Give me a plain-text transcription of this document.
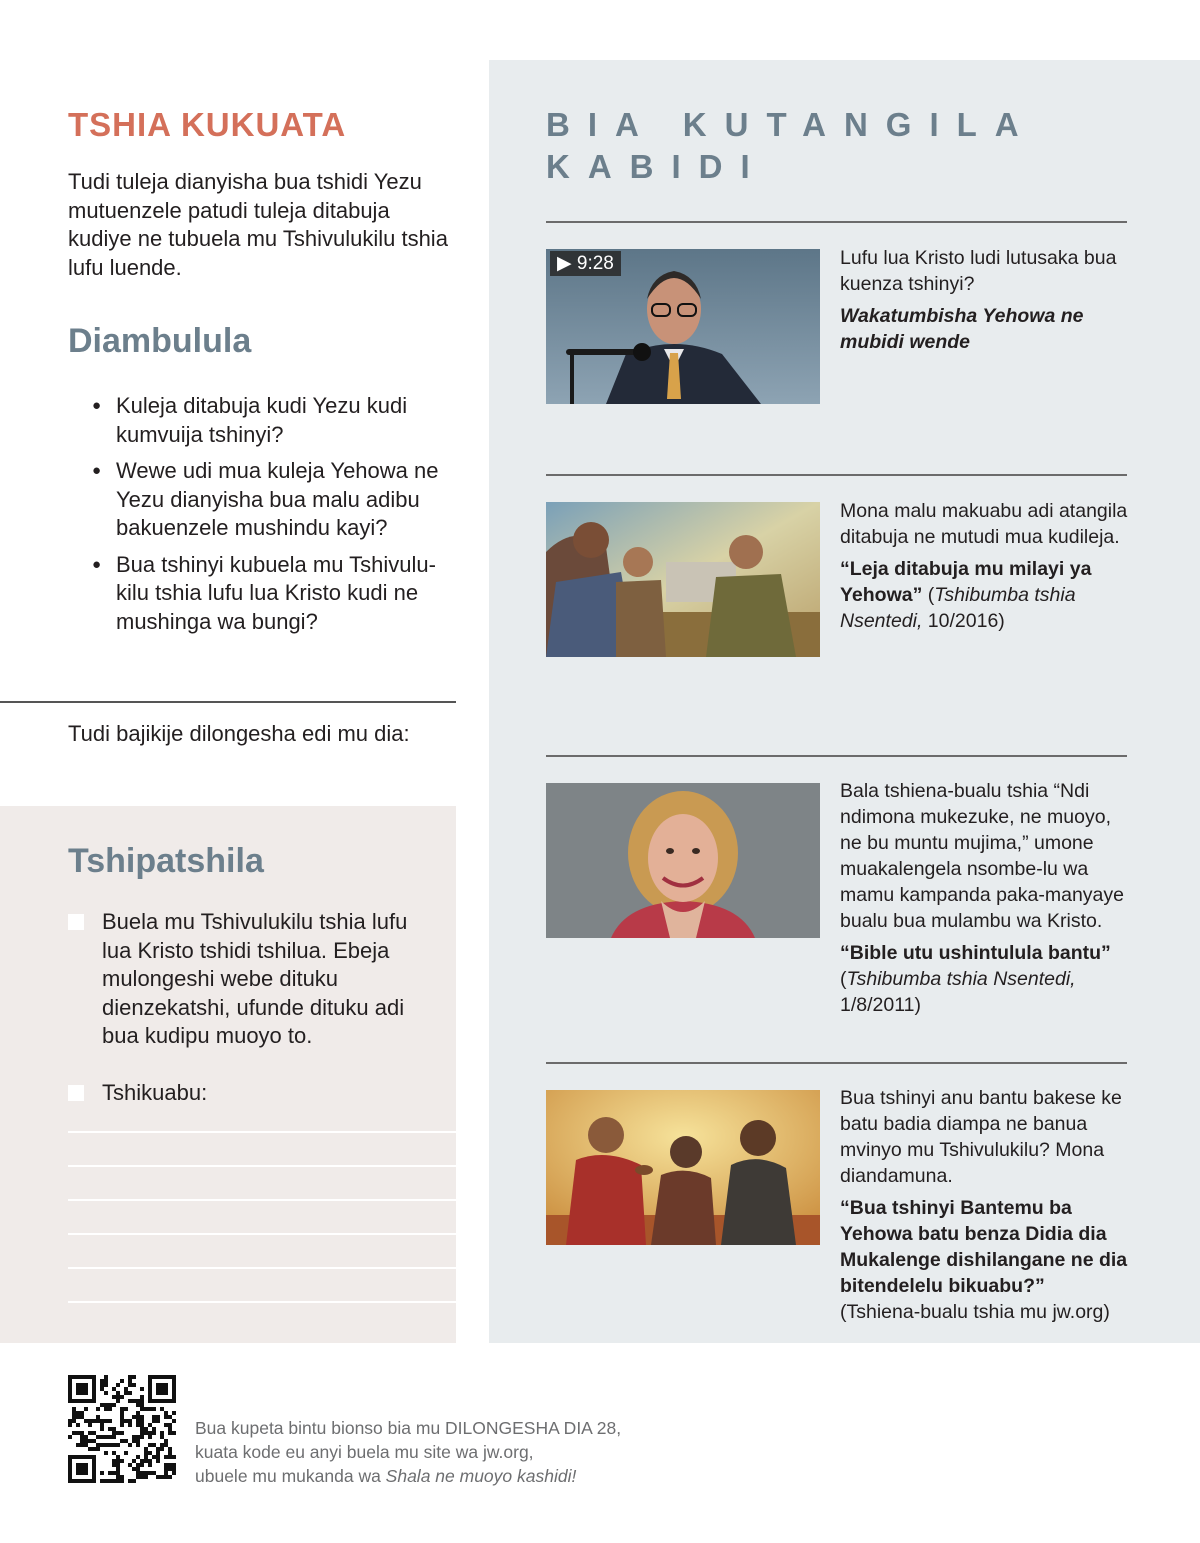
TSHIA KUKUATA

Tudi tuleja dianyisha bua tshidi Yezu mutuenzele patudi tuleja ditabuja kudiye ne tubuela mu Tshivulukilu tshia lufu luende.

Diambulula
● Kuleja ditabuja kudi Yezu kudi kumvuija tshinyi?
● Wewe udi mua kuleja Yehowa ne Yezu dianyisha bua malu adibu bakuenzele mushindu kayi?
● Bua tshinyi kubuela mu Tshivulu-kilu tshia lufu lua Kristo kudi ne mushinga wa bungi?
Tudi bajikije dilongesha edi mu dia:
Tshipatshila
Buela mu Tshivulukilu tshia lufu lua Kristo tshidi tshilua. Ebeja mulongeshi webe dituku dienzekatshi, ufunde dituku adi bua kudipu muoyo to.
Tshikuabu:
BIA KUTANGILA KABIDI
▶ 9:28	Lufu lua Kristo ludi lutusaka bua kuenza tshinyi?
Wakatumbisha Yehowa ne mubidi wende
Mona malu makuabu adi atangila ditabuja ne mutudi mua kudileja.
“Leja ditabuja mu milayi ya Yehowa” (Tshibumba tshia Nsentedi, 10/2016)
Bala tshiena-bualu tshia “Ndi ndimona mukezuke, ne muoyo, ne bu muntu mujima,” umone muakalengela nsombe-lu wa mamu kampanda paka-manyaye bualu bua mulambu wa Kristo.
“Bible utu ushintulula bantu”
(Tshibumba tshia Nsentedi, 1/8/2011)
Bua tshinyi anu bantu bakese ke batu badia diampa ne banua mvinyo mu Tshivulukilu? Mona diandamuna.
“Bua tshinyi Bantemu ba Yehowa batu benza Didia dia Mukalenge dishilangane ne dia bitendelelu bikuabu?”
(Tshiena-bualu tshia mu jw.org)
Bua kupeta bintu bionso bia mu DILONGESHA DIA 28,
kuata kode eu anyi buela mu site wa jw.org,
ubuele mu mukanda wa Shala ne muoyo kashidi!
